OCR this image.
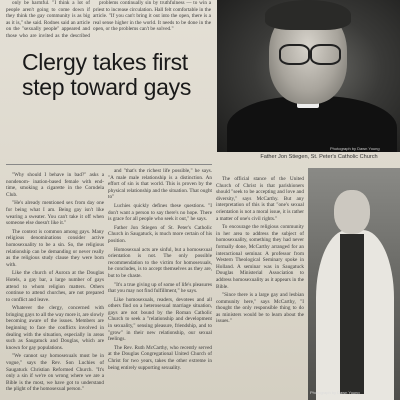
only be harmful. "I think a lot of people aren't going to come down if they think the gay community is as big as it is," she said. Rodnes said an article on the "sexually people" appeared and those who are invited as the described

problems continually sin by truthfulness — to win a priest to increase circulation. Hall felt comfortable in the article. "If you can't bring it out into the open, there is a real sense higher in the world. It needs to be done in the open, or the problems can't be solved."

Clergy takes first step toward gays

"Why should I behave in bad?" asks a nondenom- ination-based female with end-time, smoking a cigarette in the Corndela Club.

"He's already mentioned sex from day one for being what I am. Being gay isn't like wearing a sweater. You can't take it off when someone else doesn't like it."

The context is common among gays. Many religious denominations consider active homosexuality to be a sin. So, the religious relationship can be demanding or never really as the religious study clause they were born with.

Like the church of Aurora at the Douglas Hotels, a gay bar, a large number of gays attend to whom religion matters. Others continue to attend churches, are not prepared to conflict and leave.

Whatever the clergy, concerned with bringing gays to all the way more it, are slowly becoming aware of the issues. Members are beginning to face the conflicts involved in dealing with the situation, especially in areas such as Saugatuck and Douglas, which are known for gay populations.

"We cannot say homosexuals must be in vogue," says the Rev. Son Luchies of Saugatuck Christian Reformed Church. "It's only a sin if we're on wrong where we are a Bible is the most, we have got to understand the plight of the homosexual person."

and "that's the richest life possible," he says. "A male male relationship is a distinction. An effort of sin is that world. This is proven by the physical relationship and the situation. That ought to"

Luchies quickly defines these questions. "I don't want a person to say there's no hope. There is grace for all people who seek it out," he says.

Father Jon Stiegen of St. Peter's Catholic Church in Saugatuck, is much more certain of his position.

Homosexual acts are sinful, but a homosexual orientation is not. The only possible recommendation to the victim for homosexuals, he concludes, is to accept themselves as they are, but to be chaste.

"It's a true giving up of some of life's pleasures that you may not find fulfillment," he says.

Like homosexuals, readers, devotees and all others find on a heterosexual marriage situation, gays are not bound by the Roman Catholic Church to seek a "relationship and development in sexuality," sensing pleasure, friendship, and to "grow" in their new relationship, our sexual feelings.

The Rev. Ruth McCarthy, who recently served at the Douglas Congregational United Church of Christ for two years, takes the other extreme in being entirely supporting sexuality.

The official stance of the United Church of Christ is that parishioners should "seek to be accepting and love and diversity," says McCarthy. But any interpretation of this is that "one's sexual orientation is not a moral issue, it is rather a matter of one's civil rights."

To encourage the religious community in her area to address the subject of homosexuality, something they had never formally done, McCarthy arranged for an interactional seminar. A professor from Western Theological Seminary spoke in Holland. A seminar was in Saugatuck Douglas Ministerial Association to address homosexuality as it appears in the Bible.

"Since there is a large gay and lesbian community here," says McCarthy, "I thought the only responsible thing to do as ministers would be to learn about the issues."

Photograph by Dawn Young
Father Jon Stiegen, St. Peter's Catholic Church
Photograph by Dawn Young
